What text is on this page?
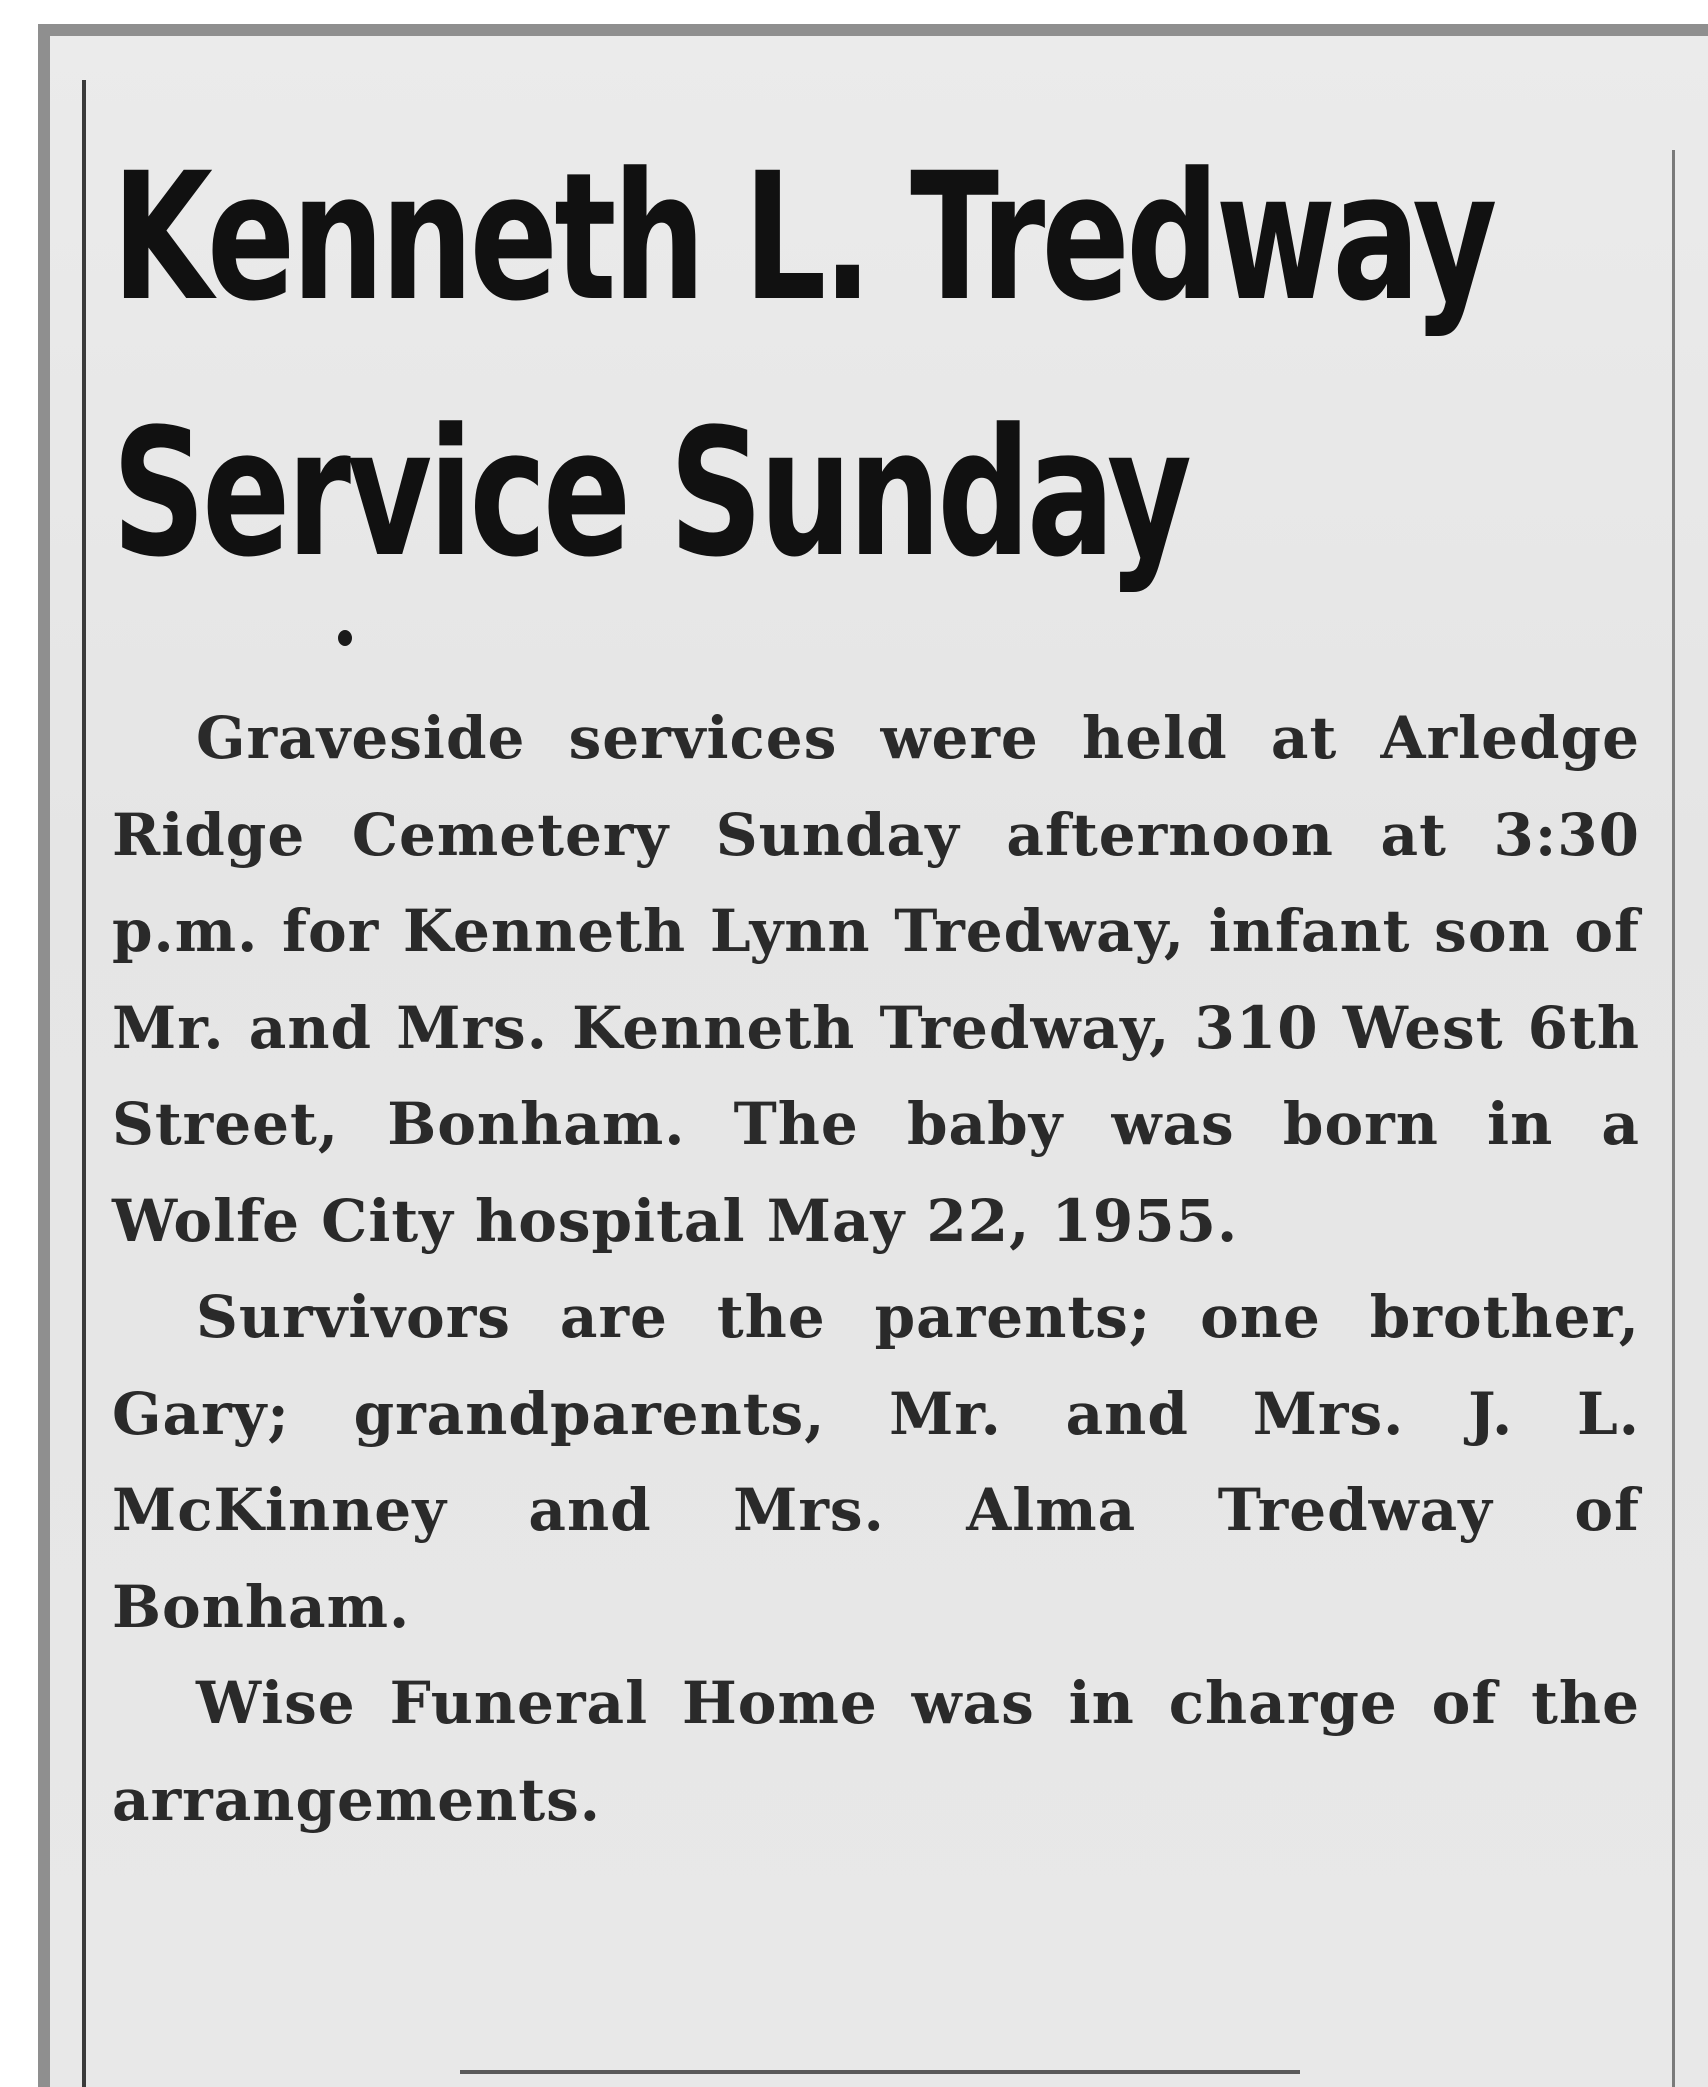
Kenneth L. Tredway
Service Sunday

Graveside services were held at Arledge Ridge Cemetery Sunday afternoon at 3:30 p.m. for Kenneth Lynn Tredway, infant son of Mr. and Mrs. Kenneth Tredway, 310 West 6th Street, Bonham. The baby was born in a Wolfe City hospital May 22, 1955.

Survivors are the parents; one brother, Gary; grandparents, Mr. and Mrs. J. L. McKinney and Mrs. Alma Tredway of Bonham.

Wise Funeral Home was in charge of the arrangements.
